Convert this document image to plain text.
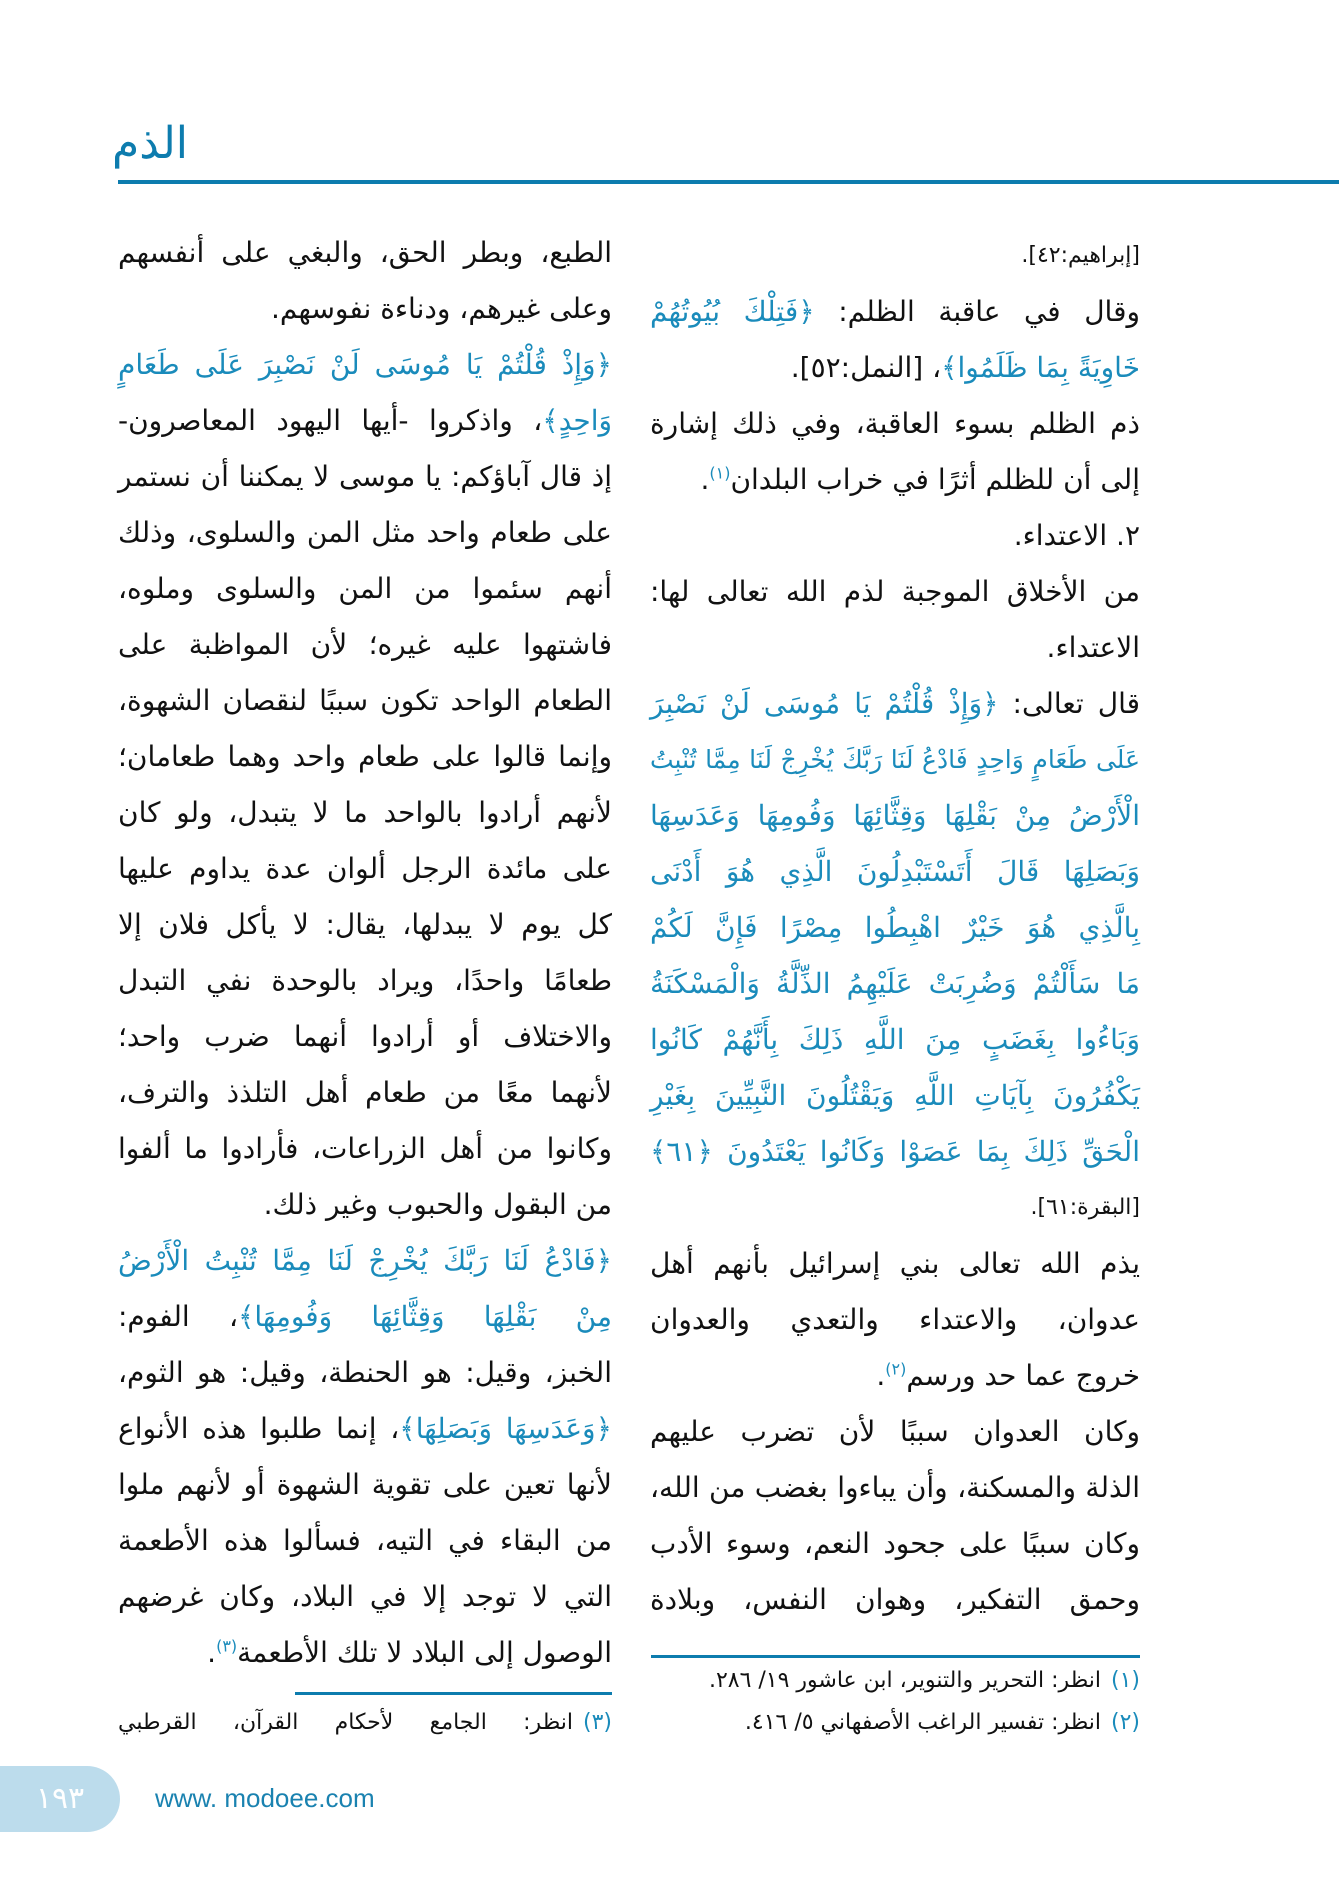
الذم
[إبراهيم:٤٢].
وقال في عاقبة الظلم: ﴿فَتِلْكَ بُيُوتُهُمْ
خَاوِيَةً بِمَا ظَلَمُوا﴾، [النمل:٥٢].
ذم الظلم بسوء العاقبة، وفي ذلك إشارة
إلى أن للظلم أثرًا في خراب البلدان$^{(١)}$.
٢. الاعتداء.
من الأخلاق الموجبة لذم الله تعالى لها:
الاعتداء.
قال تعالى: ﴿وَإِذْ قُلْتُمْ يَا مُوسَى لَنْ نَصْبِرَ
عَلَى طَعَامٍ وَاحِدٍ فَادْعُ لَنَا رَبَّكَ يُخْرِجْ لَنَا مِمَّا تُنْبِتُ
الْأَرْضُ مِنْ بَقْلِهَا وَقِثَّائِهَا وَفُومِهَا وَعَدَسِهَا
وَبَصَلِهَا قَالَ أَتَسْتَبْدِلُونَ الَّذِي هُوَ أَدْنَى
بِالَّذِي هُوَ خَيْرٌ اهْبِطُوا مِصْرًا فَإِنَّ لَكُمْ
مَا سَأَلْتُمْ وَضُرِبَتْ عَلَيْهِمُ الذِّلَّةُ وَالْمَسْكَنَةُ
وَبَاءُوا بِغَضَبٍ مِنَ اللَّهِ ذَلِكَ بِأَنَّهُمْ كَانُوا
يَكْفُرُونَ بِآيَاتِ اللَّهِ وَيَقْتُلُونَ النَّبِيِّينَ بِغَيْرِ
الْحَقِّ ذَلِكَ بِمَا عَصَوْا وَكَانُوا يَعْتَدُونَ ﴿٦١﴾
[البقرة:٦١].
يذم الله تعالى بني إسرائيل بأنهم أهل
عدوان، والاعتداء والتعدي والعدوان
خروج عما حد ورسم$^{(٢)}$.
وكان العدوان سببًا لأن تضرب عليهم
الذلة والمسكنة، وأن يباءوا بغضب من الله،
وكان سببًا على جحود النعم، وسوء الأدب
وحمق التفكير، وهوان النفس، وبلادة
الطبع، وبطر الحق، والبغي على أنفسهم
وعلى غيرهم، ودناءة نفوسهم.
﴿وَإِذْ قُلْتُمْ يَا مُوسَى لَنْ نَصْبِرَ عَلَى طَعَامٍ
وَاحِدٍ﴾، واذكروا -أيها اليهود المعاصرون-
إذ قال آباؤكم: يا موسى لا يمكننا أن نستمر
على طعام واحد مثل المن والسلوى، وذلك
أنهم سئموا من المن والسلوى وملوه،
فاشتهوا عليه غيره؛ لأن المواظبة على
الطعام الواحد تكون سببًا لنقصان الشهوة،
وإنما قالوا على طعام واحد وهما طعامان؛
لأنهم أرادوا بالواحد ما لا يتبدل، ولو كان
على مائدة الرجل ألوان عدة يداوم عليها
كل يوم لا يبدلها، يقال: لا يأكل فلان إلا
طعامًا واحدًا، ويراد بالوحدة نفي التبدل
والاختلاف أو أرادوا أنهما ضرب واحد؛
لأنهما معًا من طعام أهل التلذذ والترف،
وكانوا من أهل الزراعات، فأرادوا ما ألفوا
من البقول والحبوب وغير ذلك.
﴿فَادْعُ لَنَا رَبَّكَ يُخْرِجْ لَنَا مِمَّا تُنْبِتُ الْأَرْضُ
مِنْ بَقْلِهَا وَقِثَّائِهَا وَفُومِهَا﴾، الفوم:
الخبز، وقيل: هو الحنطة، وقيل: هو الثوم،
﴿وَعَدَسِهَا وَبَصَلِهَا﴾، إنما طلبوا هذه الأنواع
لأنها تعين على تقوية الشهوة أو لأنهم ملوا
من البقاء في التيه، فسألوا هذه الأطعمة
التي لا توجد إلا في البلاد، وكان غرضهم
الوصول إلى البلاد لا تلك الأطعمة$^{(٣)}$.
(١)انظر: التحرير والتنوير، ابن عاشور ١٩/ ٢٨٦.
(٢)انظر: تفسير الراغب الأصفهاني ٥/ ٤١٦.
(٣)انظر: الجامع لأحكام القرآن، القرطبي
١٩٣	www. modoee.com
